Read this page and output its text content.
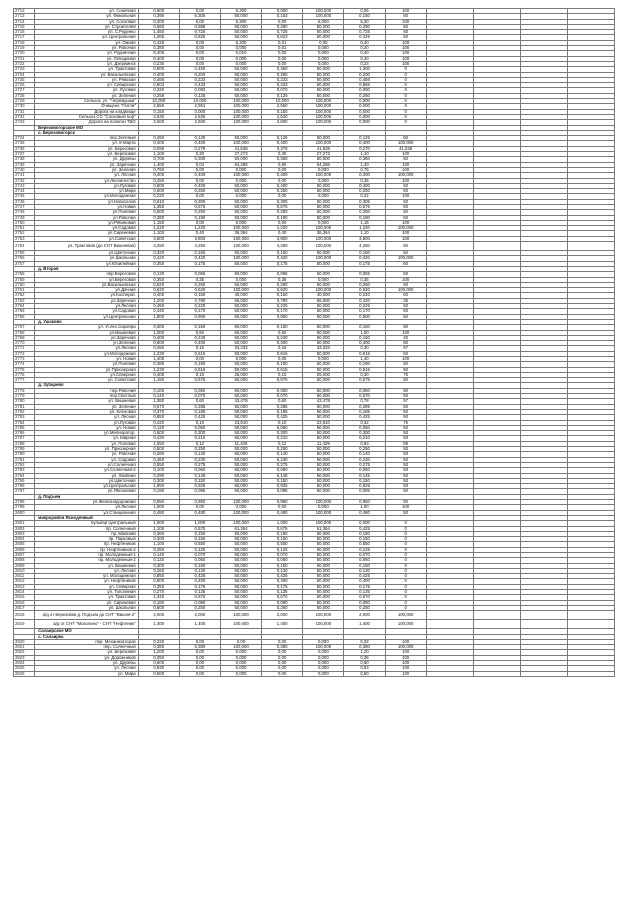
2712	ул. Сонечная	0,600	0,00	6,300	0,000	100,000	0,06	100				
2713	ул. Финальная	0,390	6,305	50,000	0,163	100,000	0,150	50				
2714	ул. Сосновая	0,300	0,00	5,300	0,00	6,000	5,30	100				
2715	ул. Строителей	0,580	0,588	50,000	0,290	50,000	0,290	50				
2716	ул. С.Руденко	1,450	0,725	50,000	0,725	50,000	0,725	50				
2717	ул. Центральная	1,065	0,625	50,000	0,623	50,000	0,425	50				
2718	ул. Ожная	0,425	0,00	6,200	0,01	0,00	0,40	100				
2719	ул. Рабочая	0,380	0,00	0,000	0,01	0,000	0,20	100				
2720	ул. Рудничная	0,405	0,00	0,010	0,00	0,000	0,40	100				
2721	ул. Лебединая	0,400	0,00	0,000	0,00	0,000	0,40	100				
2722	ул. Дзержинск	0,230	0,00	0,000	0,00	0,000	0,23	100				
2723	ул. Трактовая	0,900	0,450	50,000	0,450	50,000	1,300	0				
2724	ул. Васильевская	0,400	0,200	50,000	0,280	50,000	0,200	0				
2725	ул. Ряжская	0,466	0,233	50,000	0,233	50,000	0,466	0				
2726	ул. Сибирская	0,803	0,433	50,000	0,433	50,000	0,866	0				
2727	ул. Луговая	0,320	0,093	50,000	0,070	50,000	0,090	0				
2728	ул. Зеленая	0,258	0,125	50,000	0,125	50,000	0,250	0				
2729	Сельхоз. уч. "Черемушки"	10,000	10,000	100,000	10,000	100,000	0,000	0				
2730	Очищене "Гелли"	2,550	2,551	100,000	2,550	100,000	0,000	0				
2731	Дорога на кладбище	0,150	0,000	100,000	0,150	100,000	0,000	0				
2732	Сельхоз.СО "Сосновый бор"	2,630	2,635	100,000	2,630	100,000	0,000	0				
2733	Дорога на полигон ТБО	2,600	2,600	100,000	2,600	100,000	0,000	0				
	Березовогорское МО											
	с. Березовогорск											
2734	пер.Зеленый	0,250	0,125	50,000	0,125	50,000	0,125	50				
2735	ул. 8-Марта	0,400	0,400	100,000	0,400	100,000	0,400	100,000				
2736	ул. Береговая	0,095	0,279	41,538	0,279	41,538	0,270	41,538				
2737	ул. Березовая	1,100	0,30	27,273	0,30	27,273	1,10	100				
2738	ул. Дружбы	0,706	0,300	50,000	0,360	50,000	0,350	50				
2739	ул. Заречная	1,400	0,04	64,286	0,90	64,286	1,40	100				
2740	ул. Зеленая	0,750	0,00	0,000	0,00	0,000	0,75	100				
2741	ул. Лесная	0,400	0,400	100,000	0,400	100,000	0,400	100,000				
2742	ул.Лесничество	0,450	0,00	0,000	0,00	0,000	0,45	100				
2743	ул.Луговая	0,800	0,400	50,000	0,400	50,000	0,400	50				
2744	ул.Мира	0,500	0,250	50,000	0,250	50,000	0,250	50				
2745	ул.Молодежная	0,220	0,00	0,000	0,00	0,000	0,22	100				
2746	ул.Новоселов	0,610	0,305	50,000	0,305	50,000	0,305	50				
2747	ул.Новая	1,350	0,675	50,000	0,675	50,000	0,675	50				
2748	ул.Полевая	0,500	0,250	50,000	0,250	50,000	0,250	50				
2749	ул.Рабочая	0,380	0,190	50,000	0,190	50,000	0,190	50				
2750	ул.Рябиновая	1,150	0,00	0,000	0,00	0,000	1,15	100				
2751	ул.Садовая	1,220	1,220	100,000	1,220	100,000	1,220	100,000				
2752	ул.Сиреневая	1,100	0,40	36,364	0,40	36,364	1,10	100				
2753	ул.Советская	3,800	3,800	100,000	3,800	100,000	3,800	100				
2754	ул. Трактовая (до СНТ Вишневая)	4,250	4,250	100,000	4,250	100,000	4,250	50				
2755	ул.Цветочная	0,320	0,160	50,000	0,160	50,000	0,160	50				
2756	ул.Школьная	0,420	0,420	100,000	0,420	100,000	0,420	100,000				
2757	ул.Юбилейная	0,350	0,175	50,000	0,175	50,000	0,175	50				
	д. Вторая											
2758	пер.Береговой	0,130	0,065	50,000	0,065	50,000	0,065	50				
2759	ул.Береговая	0,350	0,35	0,000	0,35	0,000	0,35	100				
2760	ул.Васильевская	0,520	0,260	50,000	0,260	50,000	0,260	50				
2761	ул.Дачная	0,620	0,620	100,000	0,620	100,000	0,620	100,000				
2762	ул.Кооперат.	0,400	0,160	40,000	0,160	40,000	0,240	60				
2763	ул.Заречная	1,200	0,780	65,000	0,780	65,000	0,420	35				
2764	ул.Лесная	0,450	0,225	50,000	0,225	50,000	0,225	50				
2765	ул.Садовая	0,340	0,170	50,000	0,170	50,000	0,170	50				
2766	ул.Центральная	1,800	0,900	50,000	0,900	50,000	0,900	50				
	д. Ушаково											
2767	ул. Уг.лес.Сиробра	0,300	0,150	50,000	0,150	50,000	0,150	50				
2768	ул.Вишневая	1,000	0,60	60,000	0,60	60,000	1,00	100				
2769	ул.Заречная	0,400	0,240	60,000	0,240	60,000	0,160	40				
2770	ул.Зеленая	0,800	0,400	50,000	0,400	50,000	0,400	50				
2771	ул.Лесная	0,450	0,15	33,333	0,15	33,333	0,30	67				
2772	ул.Молодежная	1,230	0,615	50,000	0,615	50,000	0,615	50				
2773	ул. Новая	1,400	0,00	0,000	0,00	0,000	1,40	100				
2774	ул.Полевая	0,380	0,190	50,000	0,190	50,000	0,190	50				
2775	ул.Приозерная	1,230	0,615	50,000	0,615	50,000	0,615	50				
2776	ул.Северная	0,400	0,10	25,000	0,10	25,000	0,30	75				
2777	ул. Советская	1,150	0,575	50,000	0,575	50,000	0,575	50				
	д. Зубарево											
2778	пер.Рабочий	0,100	0,050	50,000	0,050	50,000	0,050	50				
2779	пер.Светлый	0,140	0,070	50,000	0,070	50,000	0,070	50				
2780	ул. Вишневая	1,380	0,60	43,478	0,60	43,478	0,78	57				
2781	ул. Зеленая	0,570	0,285	50,000	0,285	50,000	0,285	50				
2782	ул. Кленовая	0,370	0,185	50,000	0,185	50,000	0,185	50				
2783	ул. Лесная	0,850	0,425	50,000	0,425	50,000	0,425	50				
2784	ул.Луговая	0,420	0,10	23,810	0,10	23,810	0,32	76				
2785	ул. Новая	0,120	0,060	50,000	0,060	50,000	0,060	50				
2786	ул.Мелиоратор.	0,600	0,300	50,000	0,300	50,000	0,300	50				
2787	ул. Мирная	0,420	0,210	50,000	0,210	50,000	0,210	50				
2788	ул. Полевая	1,050	0,12	11,429	0,12	11,429	0,93	89				
2789	ул. Приозерная	0,500	0,250	50,000	0,250	50,000	0,250	50				
2790	ул. Рабочая	0,280	0,140	50,000	0,140	50,000	0,140	50				
2791	ул. Садовая	0,460	0,230	50,000	0,230	50,000	0,230	50				
2792	ул.Солнечная	0,550	0,275	50,000	0,275	50,000	0,275	50				
2793	ул.Солнечная-2	0,100	0,050	50,000	0,050	50,000	0,050	50				
2794	ул. Хвойная	0,290	0,145	50,000	0,145	50,000	0,145	50				
2795	ул.Цветочная	0,300	0,150	50,000	0,150	50,000	0,150	50				
2796	ул.Центральная	1,850	0,925	50,000	0,925	50,000	0,925	50				
2797	ул.Яблоневая	0,190	0,095	50,000	0,095	50,000	0,095	50				
	д. Подъем											
2798	ул.Железнодорожная	0,950	0,950	100,000	0,950	100,000	0,950	50				
2799	ул.Лесная	1,000	0,00	0,000	0,00	0,000	1,00	100				
2800	ул.Станционная	0,480	0,480	100,000	0,480	100,000	0,480	50				
	микрорайон Ясноденный											
2801	бульвар Центральный	1,000	1,000	100,000	1,000	100,000	0,000	0				
2802	пр. Солнечный	1,100	0,675	61,364	0,675	61,364	0,425	0				
2803	пр. Майский	0,360	0,150	50,000	0,180	50,000	0,180	0				
2804	пр. Парковый	0,300	0,150	50,000	0,150	50,000	0,150	0				
2805	пр. Нефтяников	1,100	0,550	50,000	0,550	50,000	0,550	0				
2806	пр. Нефтяников-2	0,250	0,125	50,000	0,125	50,000	0,125	0				
2807	пр. Молодежный-1	0,140	0,070	50,000	0,070	50,000	0,070	0				
2808	пр. Молодежный-2	0,120	0,060	50,000	0,060	50,000	0,060	0				
2809	ул. Вишневая	0,300	0,150	50,000	0,150	50,000	0,150	0				
2810	ул. Лесная	0,260	0,130	50,000	0,130	50,000	0,130	0				
2811	ул. Молодежная	0,850	0,425	50,000	0,425	50,000	0,425	0				
2812	ул. Нефтяников	0,800	0,400	50,000	0,400	50,000	0,400	0				
2813	ул. Северная	0,350	0,175	50,000	0,175	50,000	0,175	0				
2814	ул. Тополиная	0,270	0,135	50,000	0,135	50,000	0,135	0				
2815	ул. Трактовая	1,340	0,670	50,000	0,670	50,000	0,670	0				
2816	ул. Сиреневая	0,180	0,090	50,000	0,090	50,000	0,090	0				
2817	ул. Школьная	0,500	0,250	50,000	0,250	50,000	0,250	0				
2818	а/д от Березовки д. Подъем до СНТ "Вишня-2"	2,000	2,000	100,000	2,000	100,000	2,000	100,000				
2819	а/д от СНТ "Мозолино" - СНТ "Нефтяник"	1,400	1,400	100,000	1,400	100,000	1,400	100,000				
	Салаирское МО											
	с. Салаирка											
2820	пер. Механизаторов	0,320	0,00	0,00	0,00	0,000	0,32	100				
2821	пер. Солнечный	0,380	0,380	100,000	0,380	100,000	0,380	100,000				
2822	ул. Березовая	1,200	0,00	0,000	0,00	0,000	1,20	100				
2823	ул. Дорожников	0,350	0,00	0,000	0,00	0,000	0,35	100				
2824	ул. Дружбы	0,600	0,00	0,000	0,00	0,000	0,60	100				
2825	ул. Лесная	0,830	0,00	0,000	0,00	0,000	0,83	100				
2826	ул. Мира	0,600	0,00	0,000	0,00	0,000	0,60	100				
